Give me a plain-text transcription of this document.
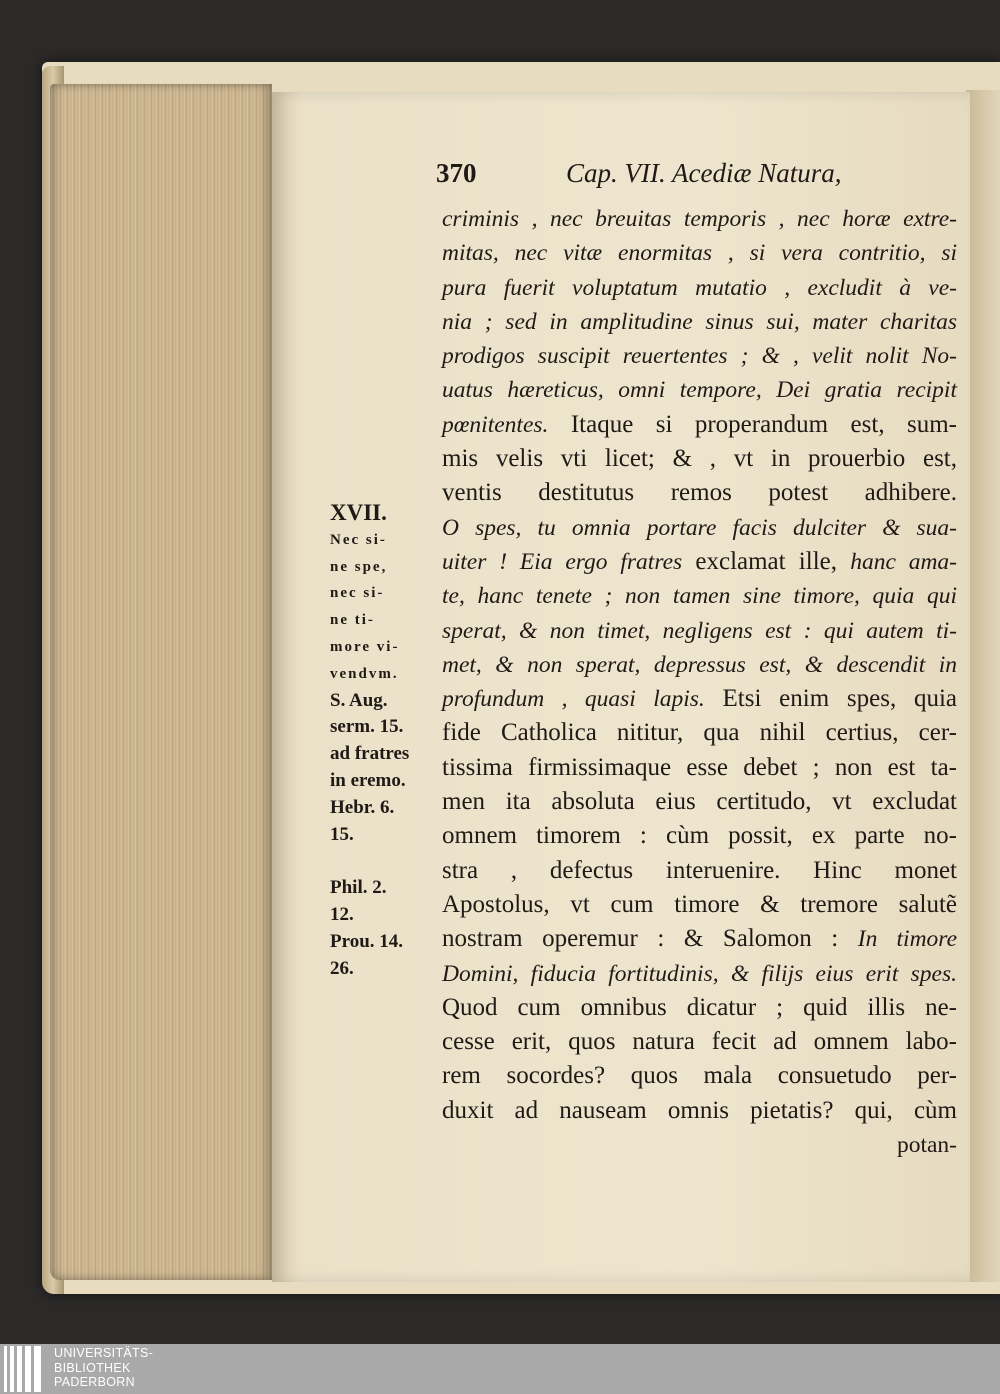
370	Cap. VII. Acediæ Natura,
XVII.
Nec si-
ne spe,
nec si-
ne ti-
more vi-
vendvm.
S. Aug.
serm. 15.
ad fratres
in eremo.
Hebr. 6.
15.

Phil. 2.
12.
Prou. 14.
26.
criminis , nec breuitas temporis , nec horæ extre-
mitas, nec vitæ enormitas , si vera contritio, si
pura fuerit voluptatum mutatio , excludit à ve-
nia ; sed in amplitudine sinus sui, mater charitas
prodigos suscipit reuertentes ; & , velit nolit No-
uatus hæreticus, omni tempore, Dei gratia recipit
pœnitentes. Itaque si properandum est, sum-
mis velis vti licet; & , vt in prouerbio est,
ventis destitutus remos potest adhibere.
O spes, tu omnia portare facis dulciter & sua-
uiter ! Eia ergo fratres exclamat ille, hanc ama-
te, hanc tenete ; non tamen sine timore, quia qui
sperat, & non timet, negligens est : qui autem ti-
met, & non sperat, depressus est, & descendit in
profundum , quasi lapis. Etsi enim spes, quia
fide Catholica nititur, qua nihil certius, cer-
tissima firmissimaque esse debet ; non est ta-
men ita absoluta eius certitudo, vt excludat
omnem timorem : cùm possit, ex parte no-
stra , defectus interuenire. Hinc monet
Apostolus, vt cum timore & tremore salutẽ
nostram operemur : & Salomon : In timore
Domini, fiducia fortitudinis, & filijs eius erit spes.
Quod cum omnibus dicatur ; quid illis ne-
cesse erit, quos natura fecit ad omnem labo-
rem socordes? quos mala consuetudo per-
duxit ad nauseam omnis pietatis? qui, cùm
potan-
UNIVERSITÄTS-
BIBLIOTHEK
PADERBORN
